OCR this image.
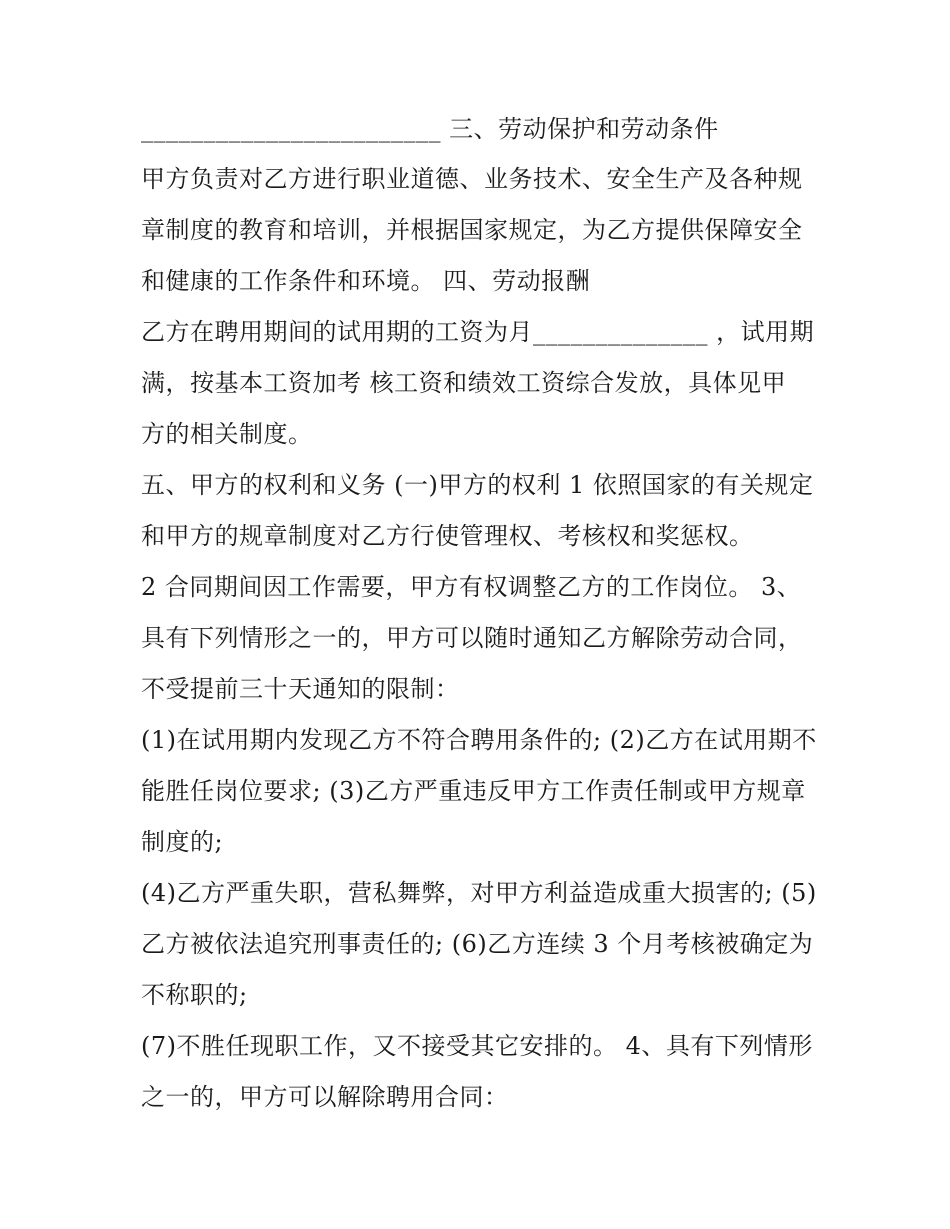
________________________ 三、劳动保护和劳动条件
甲方负责对乙方进行职业道德、业务技术、安全生产及各种规
章制度的教育和培训，并根据国家规定，为乙方提供保障安全
和健康的工作条件和环境。 四、劳动报酬
乙方在聘用期间的试用期的工资为月______________ ，试用期
满，按基本工资加考 核工资和绩效工资综合发放，具体见甲
方的相关制度。
五、甲方的权利和义务 (一)甲方的权利 1 依照国家的有关规定
和甲方的规章制度对乙方行使管理权、考核权和奖惩权。
2 合同期间因工作需要，甲方有权调整乙方的工作岗位。 3、
具有下列情形之一的，甲方可以随时通知乙方解除劳动合同，
不受提前三十天通知的限制：
(1)在试用期内发现乙方不符合聘用条件的; (2)乙方在试用期不
能胜任岗位要求; (3)乙方严重违反甲方工作责任制或甲方规章
制度的;
(4)乙方严重失职，营私舞弊，对甲方利益造成重大损害的; (5)
乙方被依法追究刑事责任的; (6)乙方连续 3 个月考核被确定为
不称职的;
(7)不胜任现职工作，又不接受其它安排的。 4、具有下列情形
之一的，甲方可以解除聘用合同：
